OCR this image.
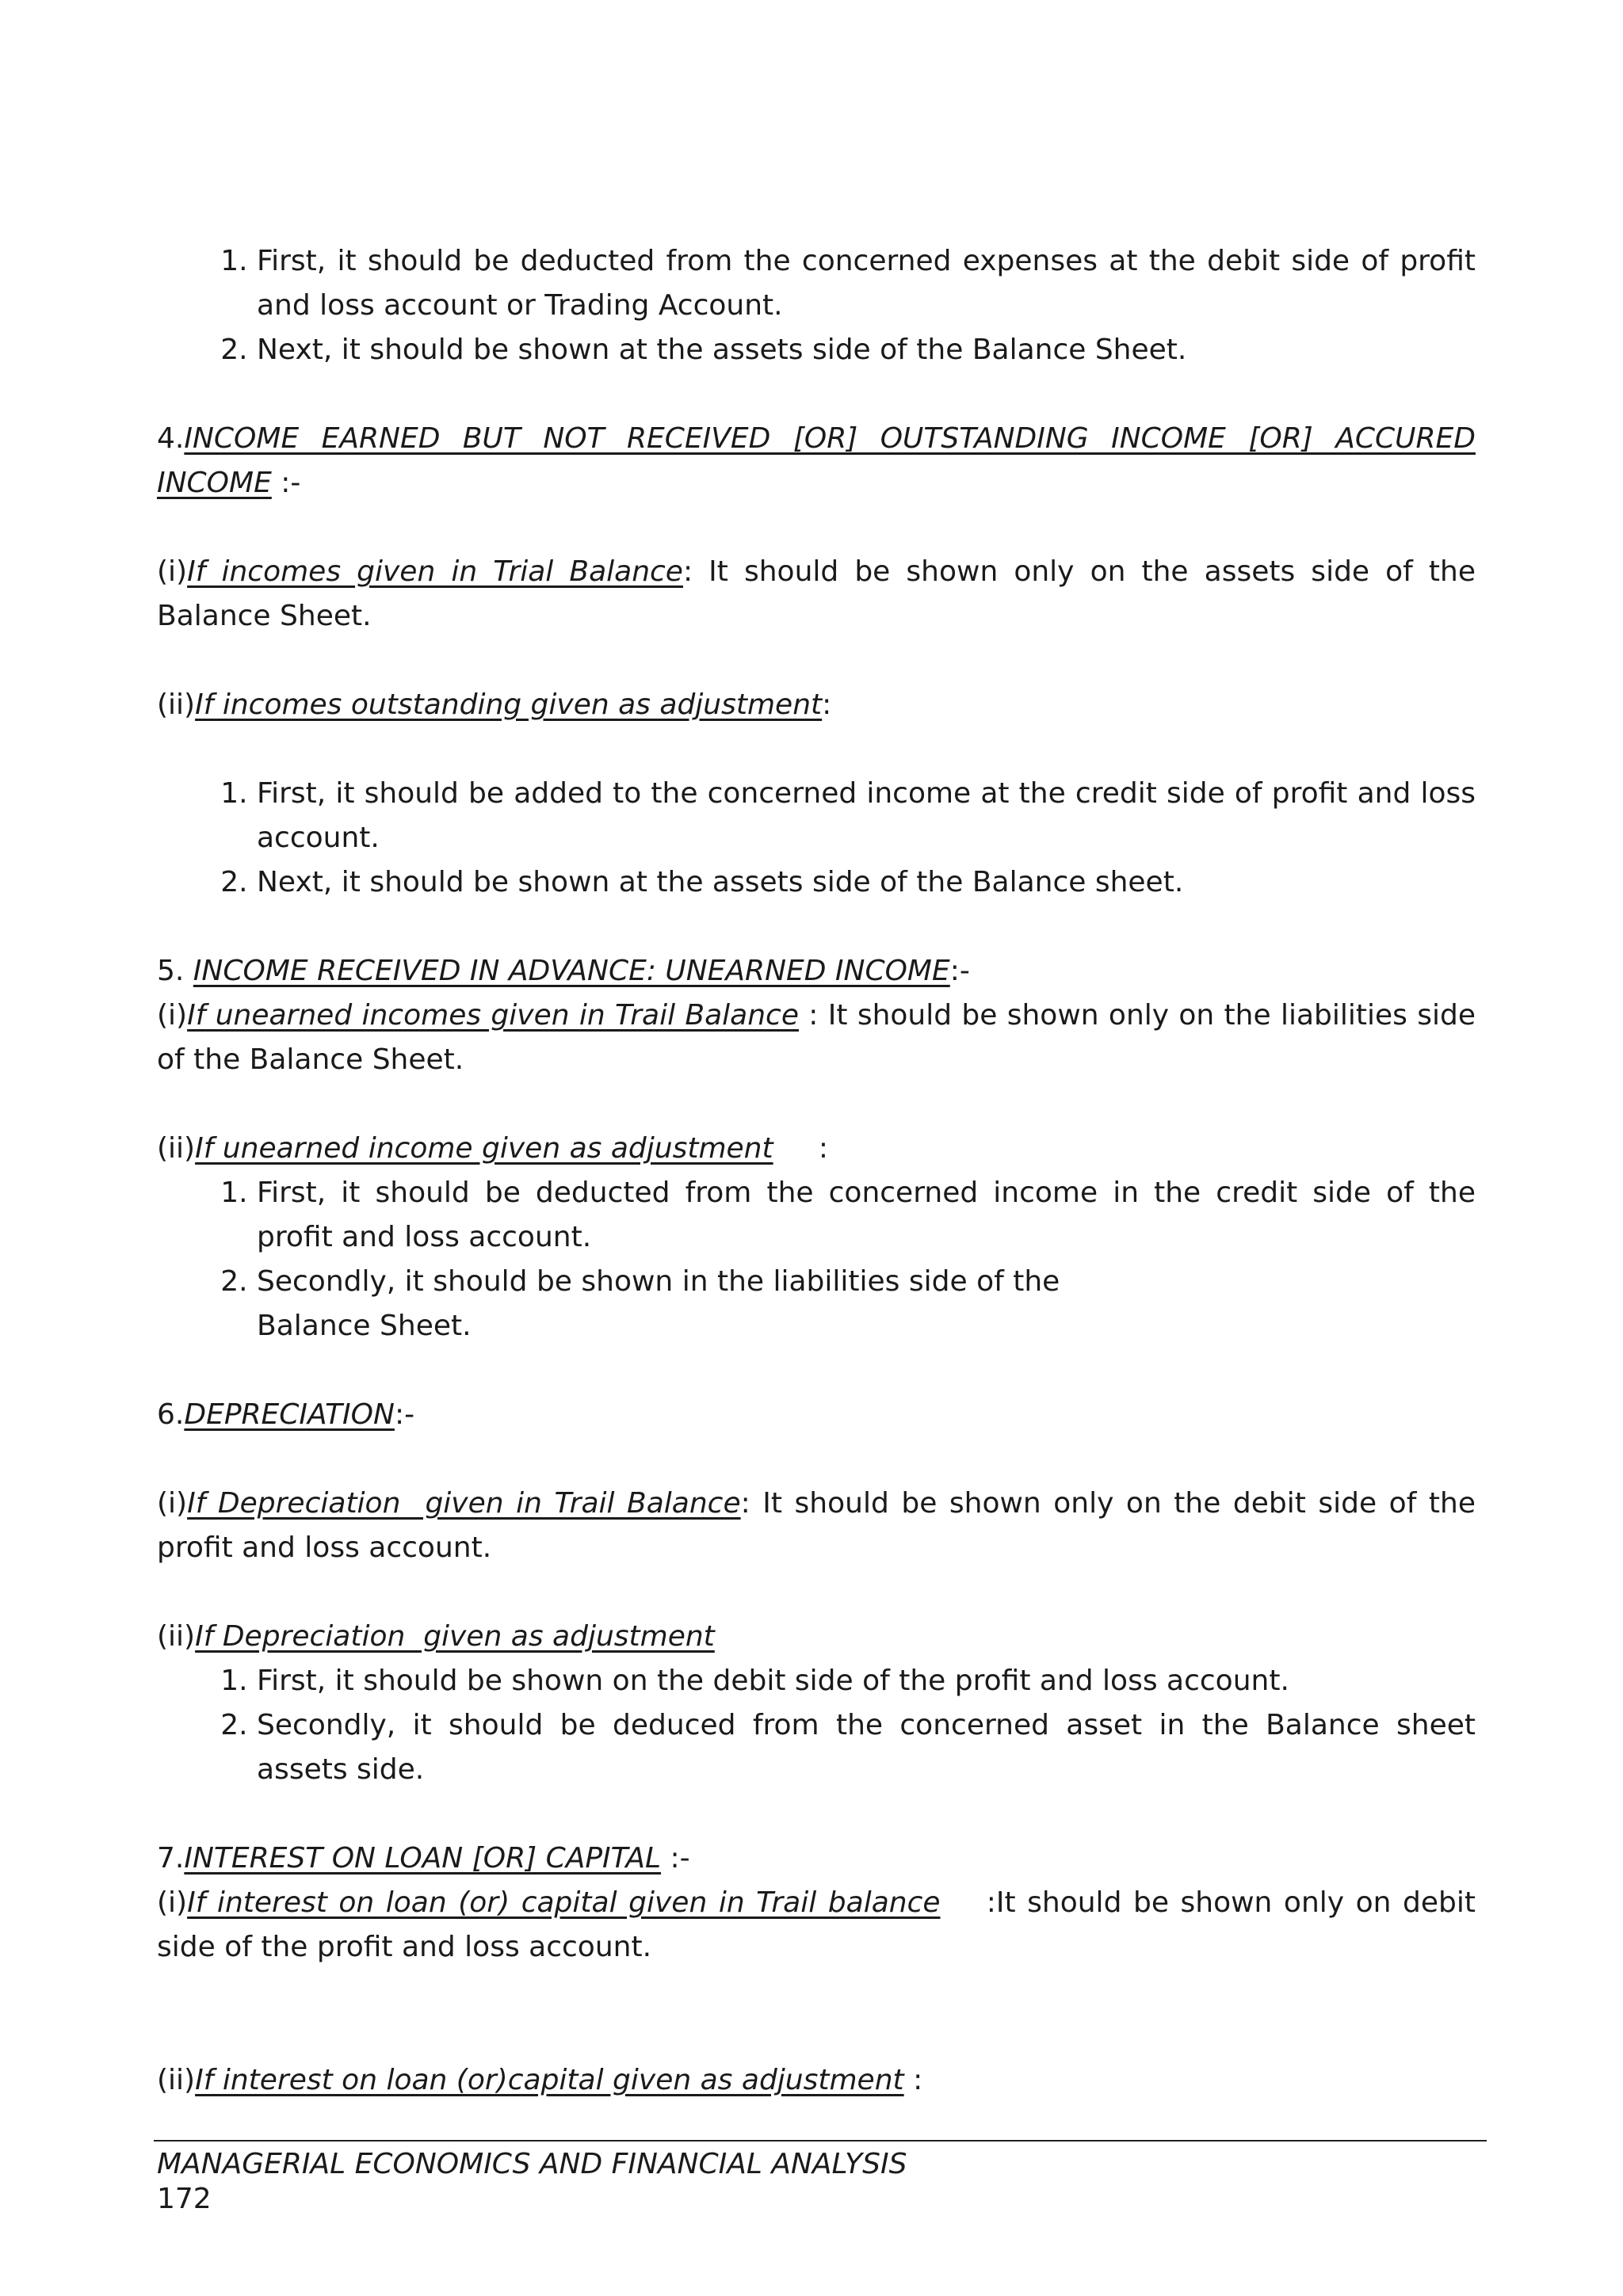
1. First, it should be deducted from the concerned expenses at the debit side of profit and loss account or Trading Account.
2. Next, it should be shown at the assets side of the Balance Sheet.

4.INCOME EARNED BUT NOT RECEIVED [OR] OUTSTANDING INCOME [OR] ACCURED INCOME :-

(i)If incomes given in Trial Balance: It should be shown only on the assets side of the Balance Sheet.

(ii)If incomes outstanding given as adjustment:

1. First, it should be added to the concerned income at the credit side of profit and loss account.
2. Next, it should be shown at the assets side of the Balance sheet.

5. INCOME RECEIVED IN ADVANCE: UNEARNED INCOME:-

(i)If unearned incomes given in Trail Balance : It should be shown only on the liabilities side of the Balance Sheet.

(ii)If unearned income given as adjustment     :

1. First, it should be deducted from the concerned income in the credit side of the profit and loss account.
2. Secondly, it should be shown in the liabilities side of the
Balance Sheet.

6.DEPRECIATION:-

(i)If Depreciation  given in Trail Balance: It should be shown only on the debit side of the profit and loss account.

(ii)If Depreciation  given as adjustment

1. First, it should be shown on the debit side of the profit and loss account.
2. Secondly, it should be deduced from the concerned asset in the Balance sheet assets side.

7.INTEREST ON LOAN [OR] CAPITAL :-

(i)If interest on loan (or) capital given in Trail balance    :It should be shown only on debit side of the profit and loss account.

(ii)If interest on loan (or)capital given as adjustment :

MANAGERIAL ECONOMICS AND FINANCIAL ANALYSIS
172
